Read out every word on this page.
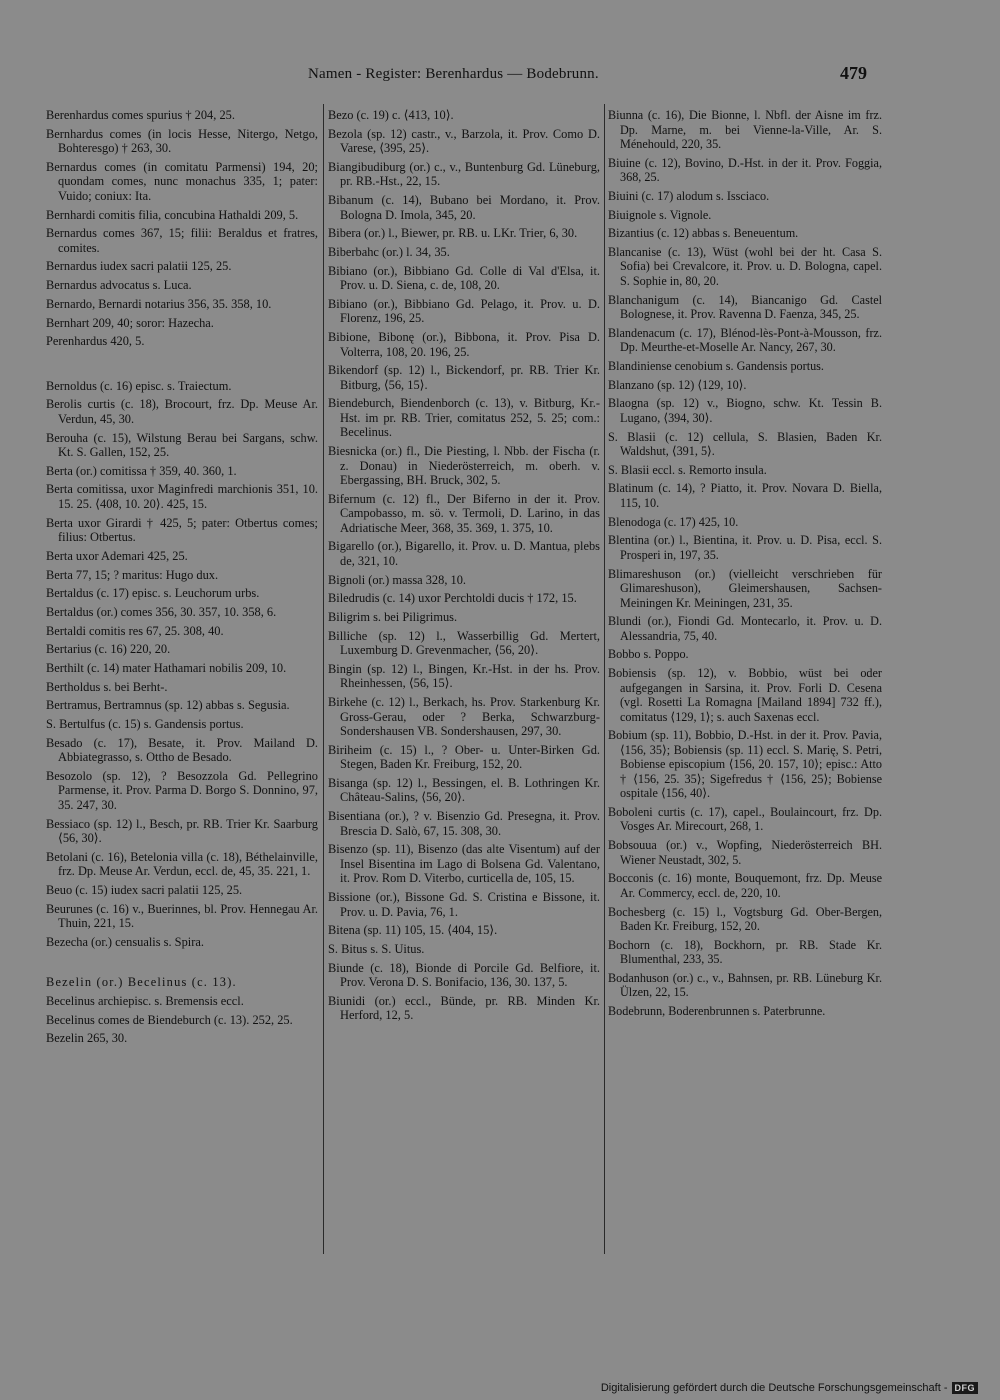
Namen - Register: Berenhardus — Bodebrunn.	479
Berenhardus comes spurius † 204, 25.
Bernhardus comes (in locis Hesse, Nitergo, Netgo, Bohteresgo) † 263, 30.
Bernardus comes (in comitatu Parmensi) 194, 20; quondam comes, nunc monachus 335, 1; pater: Vuido; coniux: Ita.
Bernhardi comitis filia, concubina Hathaldi 209, 5.
Bernardus comes 367, 15; filii: Beraldus et fratres, comites.
Bernardus iudex sacri palatii 125, 25.
Bernardus advocatus s. Luca.
Bernardo, Bernardi notarius 356, 35. 358, 10.
Bernhart 209, 40; soror: Hazecha.
Perenhardus 420, 5.
Bernoldus (c. 16) episc. s. Traiectum.
Berolis curtis (c. 18), Brocourt, frz. Dp. Meuse Ar. Verdun, 45, 30.
Berouha (c. 15), Wilstung Berau bei Sargans, schw. Kt. S. Gallen, 152, 25.
Berta (or.) comitissa † 359, 40. 360, 1.
Berta comitissa, uxor Maginfredi marchionis 351, 10. 15. 25. ⟨408, 10. 20⟩. 425, 15.
Berta uxor Girardi † 425, 5; pater: Otbertus comes; filius: Otbertus.
Berta uxor Ademari 425, 25.
Berta 77, 15; ? maritus: Hugo dux.
Bertaldus (c. 17) episc. s. Leuchorum urbs.
Bertaldus (or.) comes 356, 30. 357, 10. 358, 6.
Bertaldi comitis res 67, 25. 308, 40.
Bertarius (c. 16) 220, 20.
Berthilt (c. 14) mater Hathamari nobilis 209, 10.
Bertholdus s. bei Berht-.
Bertramus, Bertramnus (sp. 12) abbas s. Segusia.
S. Bertulfus (c. 15) s. Gandensis portus.
Besado (c. 17), Besate, it. Prov. Mailand D. Abbiategrasso, s. Ottho de Besado.
Besozolo (sp. 12), ? Besozzola Gd. Pellegrino Parmense, it. Prov. Parma D. Borgo S. Donnino, 97, 35. 247, 30.
Bessiaco (sp. 12) l., Besch, pr. RB. Trier Kr. Saarburg ⟨56, 30⟩.
Betolani (c. 16), Betelonia villa (c. 18), Béthelainville, frz. Dp. Meuse Ar. Verdun, eccl. de, 45, 35. 221, 1.
Beuo (c. 15) iudex sacri palatii 125, 25.
Beurunes (c. 16) v., Buerinnes, bl. Prov. Hennegau Ar. Thuin, 221, 15.
Bezecha (or.) censualis s. Spira.
Bezelin (or.) Becelinus (c. 13).
Becelinus archiepisc. s. Bremensis eccl.
Becelinus comes de Biendeburch (c. 13). 252, 25.
Bezelin 265, 30.
Bezo (c. 19) c. ⟨413, 10⟩.
Bezola (sp. 12) castr., v., Barzola, it. Prov. Como D. Varese, ⟨395, 25⟩.
Biangibudiburg (or.) c., v., Buntenburg Gd. Lüneburg, pr. RB.-Hst., 22, 15.
Bibanum (c. 14), Bubano bei Mordano, it. Prov. Bologna D. Imola, 345, 20.
Bibera (or.) l., Biewer, pr. RB. u. LKr. Trier, 6, 30.
Biberbahc (or.) l. 34, 35.
Bibiano (or.), Bibbiano Gd. Colle di Val d'Elsa, it. Prov. u. D. Siena, c. de, 108, 20.
Bibiano (or.), Bibbiano Gd. Pelago, it. Prov. u. D. Florenz, 196, 25.
Bibione, Bibonę (or.), Bibbona, it. Prov. Pisa D. Volterra, 108, 20. 196, 25.
Bikendorf (sp. 12) l., Bickendorf, pr. RB. Trier Kr. Bitburg, ⟨56, 15⟩.
Biendeburch, Biendenborch (c. 13), v. Bitburg, Kr.-Hst. im pr. RB. Trier, comitatus 252, 5. 25; com.: Becelinus.
Biesnicka (or.) fl., Die Piesting, l. Nbb. der Fischa (r. z. Donau) in Niederösterreich, m. oberh. v. Ebergassing, BH. Bruck, 302, 5.
Bifernum (c. 12) fl., Der Biferno in der it. Prov. Campobasso, m. sö. v. Termoli, D. Larino, in das Adriatische Meer, 368, 35. 369, 1. 375, 10.
Bigarello (or.), Bigarello, it. Prov. u. D. Mantua, plebs de, 321, 10.
Bignoli (or.) massa 328, 10.
Biledrudis (c. 14) uxor Perchtoldi ducis † 172, 15.
Biligrim s. bei Piligrimus.
Billiche (sp. 12) l., Wasserbillig Gd. Mertert, Luxemburg D. Grevenmacher, ⟨56, 20⟩.
Bingin (sp. 12) l., Bingen, Kr.-Hst. in der hs. Prov. Rheinhessen, ⟨56, 15⟩.
Birkehe (c. 12) l., Berkach, hs. Prov. Starkenburg Kr. Gross-Gerau, oder ? Berka, Schwarzburg-Sondershausen VB. Sondershausen, 297, 30.
Biriheim (c. 15) l., ? Ober- u. Unter-Birken Gd. Stegen, Baden Kr. Freiburg, 152, 20.
Bisanga (sp. 12) l., Bessingen, el. B. Lothringen Kr. Château-Salins, ⟨56, 20⟩.
Bisentiana (or.), ? v. Bisenzio Gd. Presegna, it. Prov. Brescia D. Salò, 67, 15. 308, 30.
Bisenzo (sp. 11), Bisenzo (das alte Visentum) auf der Insel Bisentina im Lago di Bolsena Gd. Valentano, it. Prov. Rom D. Viterbo, curticella de, 105, 15.
Bissione (or.), Bissone Gd. S. Cristina e Bissone, it. Prov. u. D. Pavia, 76, 1.
Bitena (sp. 11) 105, 15. ⟨404, 15⟩.
S. Bitus s. S. Uitus.
Biunde (c. 18), Bionde di Porcile Gd. Belfiore, it. Prov. Verona D. S. Bonifacio, 136, 30. 137, 5.
Biunidi (or.) eccl., Bünde, pr. RB. Minden Kr. Herford, 12, 5.
Biunna (c. 16), Die Bionne, l. Nbfl. der Aisne im frz. Dp. Marne, m. bei Vienne-la-Ville, Ar. S. Ménehould, 220, 35.
Biuine (c. 12), Bovino, D.-Hst. in der it. Prov. Foggia, 368, 25.
Biuini (c. 17) alodum s. Issciaco.
Biuignole s. Vignole.
Bizantius (c. 12) abbas s. Beneuentum.
Blancanise (c. 13), Wüst (wohl bei der ht. Casa S. Sofia) bei Crevalcore, it. Prov. u. D. Bologna, capel. S. Sophie in, 80, 20.
Blanchanigum (c. 14), Biancanigo Gd. Castel Bolognese, it. Prov. Ravenna D. Faenza, 345, 25.
Blandenacum (c. 17), Blénod-lès-Pont-à-Mousson, frz. Dp. Meurthe-et-Moselle Ar. Nancy, 267, 30.
Blandiniense cenobium s. Gandensis portus.
Blanzano (sp. 12) ⟨129, 10⟩.
Blaogna (sp. 12) v., Biogno, schw. Kt. Tessin B. Lugano, ⟨394, 30⟩.
S. Blasii (c. 12) cellula, S. Blasien, Baden Kr. Waldshut, ⟨391, 5⟩.
S. Blasii eccl. s. Remorto insula.
Blatinum (c. 14), ? Piatto, it. Prov. Novara D. Biella, 115, 10.
Blenodoga (c. 17) 425, 10.
Blentina (or.) l., Bientina, it. Prov. u. D. Pisa, eccl. S. Prosperi in, 197, 35.
Blimareshuson (or.) (vielleicht verschrieben für Glimareshuson), Gleimershausen, Sachsen-Meiningen Kr. Meiningen, 231, 35.
Blundi (or.), Fiondi Gd. Montecarlo, it. Prov. u. D. Alessandria, 75, 40.
Bobbo s. Poppo.
Bobiensis (sp. 12), v. Bobbio, wüst bei oder aufgegangen in Sarsina, it. Prov. Forli D. Cesena (vgl. Rosetti La Romagna [Mailand 1894] 732 ff.), comitatus ⟨129, 1⟩; s. auch Saxenas eccl.
Bobium (sp. 11), Bobbio, D.-Hst. in der it. Prov. Pavia, ⟨156, 35⟩; Bobiensis (sp. 11) eccl. S. Marię, S. Petri, Bobiense episcopium ⟨156, 20. 157, 10⟩; episc.: Atto † ⟨156, 25. 35⟩; Sigefredus † ⟨156, 25⟩; Bobiense ospitale ⟨156, 40⟩.
Boboleni curtis (c. 17), capel., Boulaincourt, frz. Dp. Vosges Ar. Mirecourt, 268, 1.
Bobsouua (or.) v., Wopfing, Niederösterreich BH. Wiener Neustadt, 302, 5.
Bocconis (c. 16) monte, Bouquemont, frz. Dp. Meuse Ar. Commercy, eccl. de, 220, 10.
Bochesberg (c. 15) l., Vogtsburg Gd. Ober-Bergen, Baden Kr. Freiburg, 152, 20.
Bochorn (c. 18), Bockhorn, pr. RB. Stade Kr. Blumenthal, 233, 35.
Bodanhuson (or.) c., v., Bahnsen, pr. RB. Lüneburg Kr. Ülzen, 22, 15.
Bodebrunn, Boderenbrunnen s. Paterbrunne.
Digitalisierung gefördert durch die Deutsche Forschungsgemeinschaft - DFG
